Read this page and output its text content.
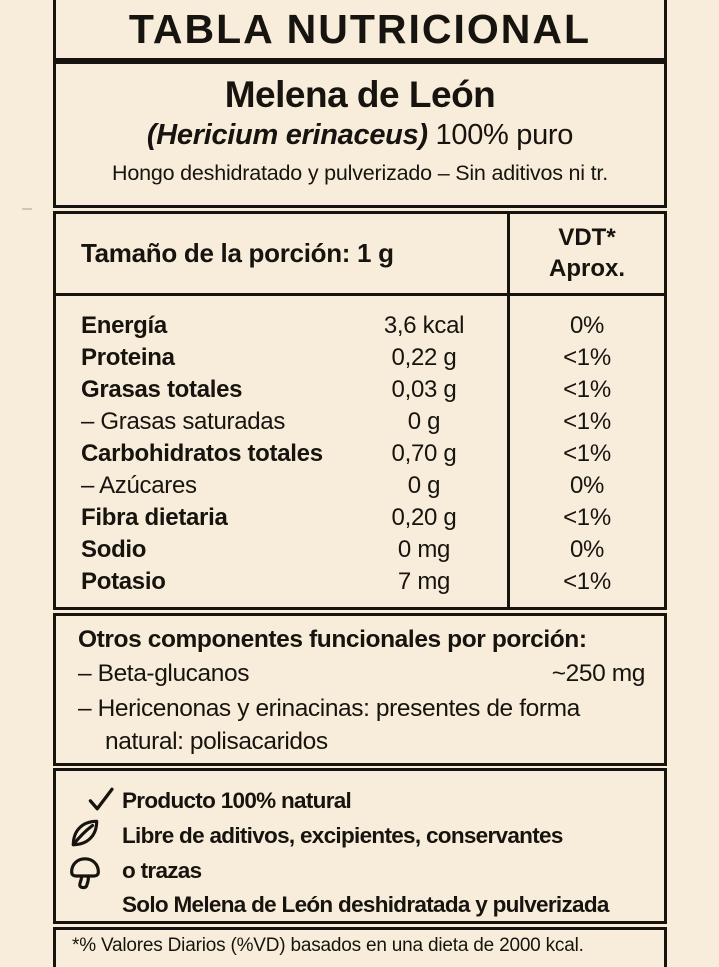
TABLA NUTRICIONAL
Melena de León
(Hericium erinaceus) 100% puro
Hongo deshidratado y pulverizado – Sin aditivos ni tr.
Tamaño de la porción: 1 g
VDT*
Aprox.
Energía	3,6 kcal	0%
Proteina	0,22 g	<1%
Grasas totales	0,03 g	<1%
– Grasas saturadas	0 g	<1%
Carbohidratos totales	0,70 g	<1%
– Azúcares	0 g	0%
Fibra dietaria	0,20 g	<1%
Sodio	0 mg	0%
Potasio	7 mg	<1%
Otros componentes funcionales por porción:
– Beta-glucanos	~250 mg
– Hericenonas y erinacinas: presentes de forma
natural: polisacaridos
Producto 100% natural
Libre de aditivos, excipientes, conservantes
o trazas
Solo Melena de León deshidratada y pulverizada
*% Valores Diarios (%VD) basados en una dieta de 2000 kcal.
